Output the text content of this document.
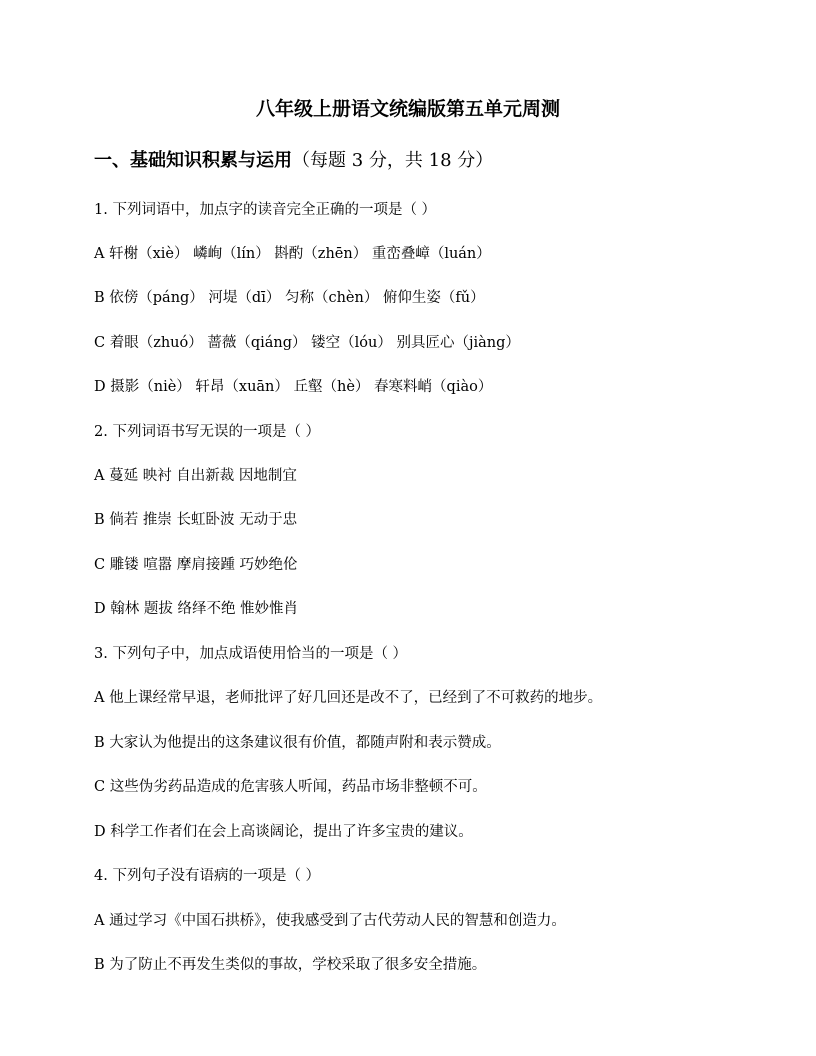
八年级上册语文统编版第五单元周测
一、基础知识积累与运用（每题 3 分，共 18 分）
1. 下列词语中，加点字的读音完全正确的一项是（ ）
A 轩榭（xiè） 嶙峋（lín） 斟酌（zhēn） 重峦叠嶂（luán）
B 依傍（páng） 河堤（dī） 匀称（chèn） 俯仰生姿（fǔ）
C 着眼（zhuó） 蔷薇（qiáng） 镂空（lóu） 别具匠心（jiàng）
D 摄影（niè） 轩昂（xuān） 丘壑（hè） 春寒料峭（qiào）
2. 下列词语书写无误的一项是（ ）
A 蔓延 映衬 自出新裁 因地制宜
B 倘若 推崇 长虹卧波 无动于忠
C 雕镂 喧嚣 摩肩接踵 巧妙绝伦
D 翰林 题拔 络绎不绝 惟妙惟肖
3. 下列句子中，加点成语使用恰当的一项是（ ）
A 他上课经常早退，老师批评了好几回还是改不了，已经到了不可救药的地步。
B 大家认为他提出的这条建议很有价值，都随声附和表示赞成。
C 这些伪劣药品造成的危害骇人听闻，药品市场非整顿不可。
D 科学工作者们在会上高谈阔论，提出了许多宝贵的建议。
4. 下列句子没有语病的一项是（ ）
A 通过学习《中国石拱桥》，使我感受到了古代劳动人民的智慧和创造力。
B 为了防止不再发生类似的事故，学校采取了很多安全措施。
